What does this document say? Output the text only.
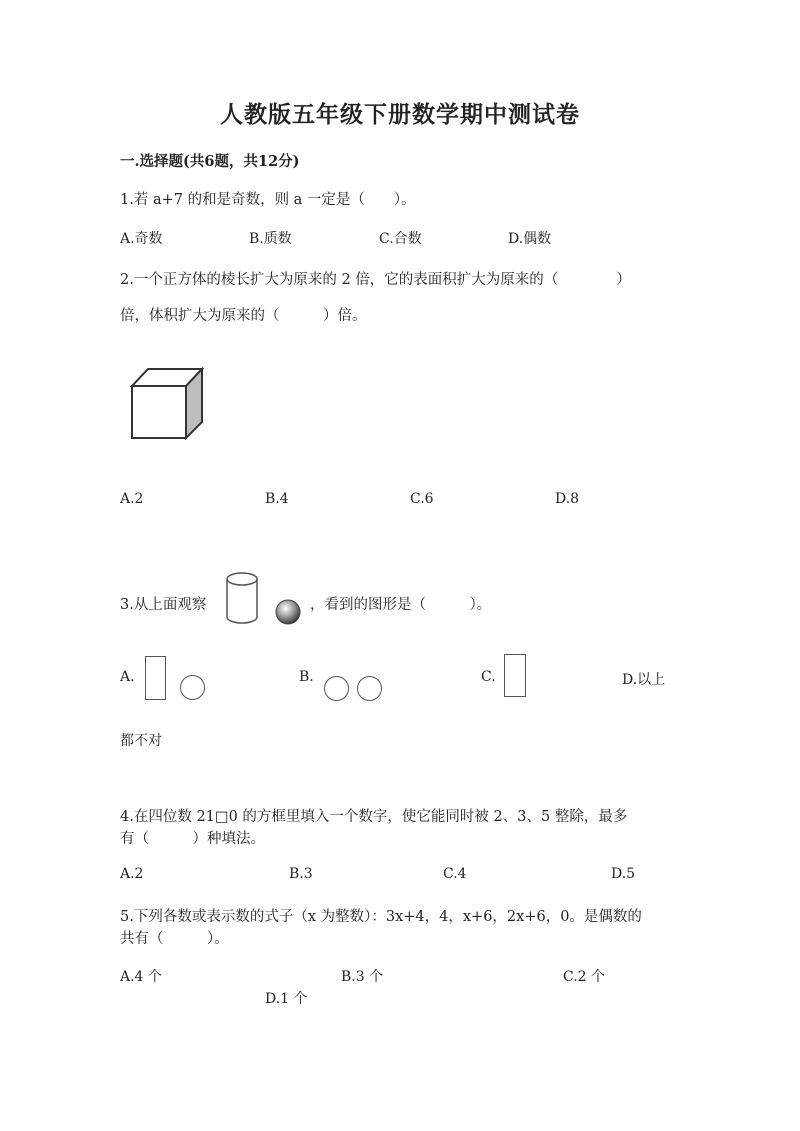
人教版五年级下册数学期中测试卷
一.选择题(共6题，共12分)
1.若 a+7 的和是奇数，则 a 一定是（　　）。
A.奇数	B.质数	C.合数	D.偶数
2.一个正方体的棱长扩大为原来的 2 倍，它的表面积扩大为原来的（　　　　）
倍，体积扩大为原来的（　　　）倍。
A.2	B.4	C.6	D.8
3.从上面观察	，看到的图形是（　　　）。
A.	B.	C.	D.以上
都不对
4.在四位数 21□0 的方框里填入一个数字，使它能同时被 2、3、5 整除，最多
有（　　　）种填法。
A.2	B.3	C.4	D.5
5.下列各数或表示数的式子（x 为整数）：3x+4，4，x+6，2x+6，0。是偶数的
共有（　　　）。
A.4 个	B.3 个	C.2 个
D.1 个
